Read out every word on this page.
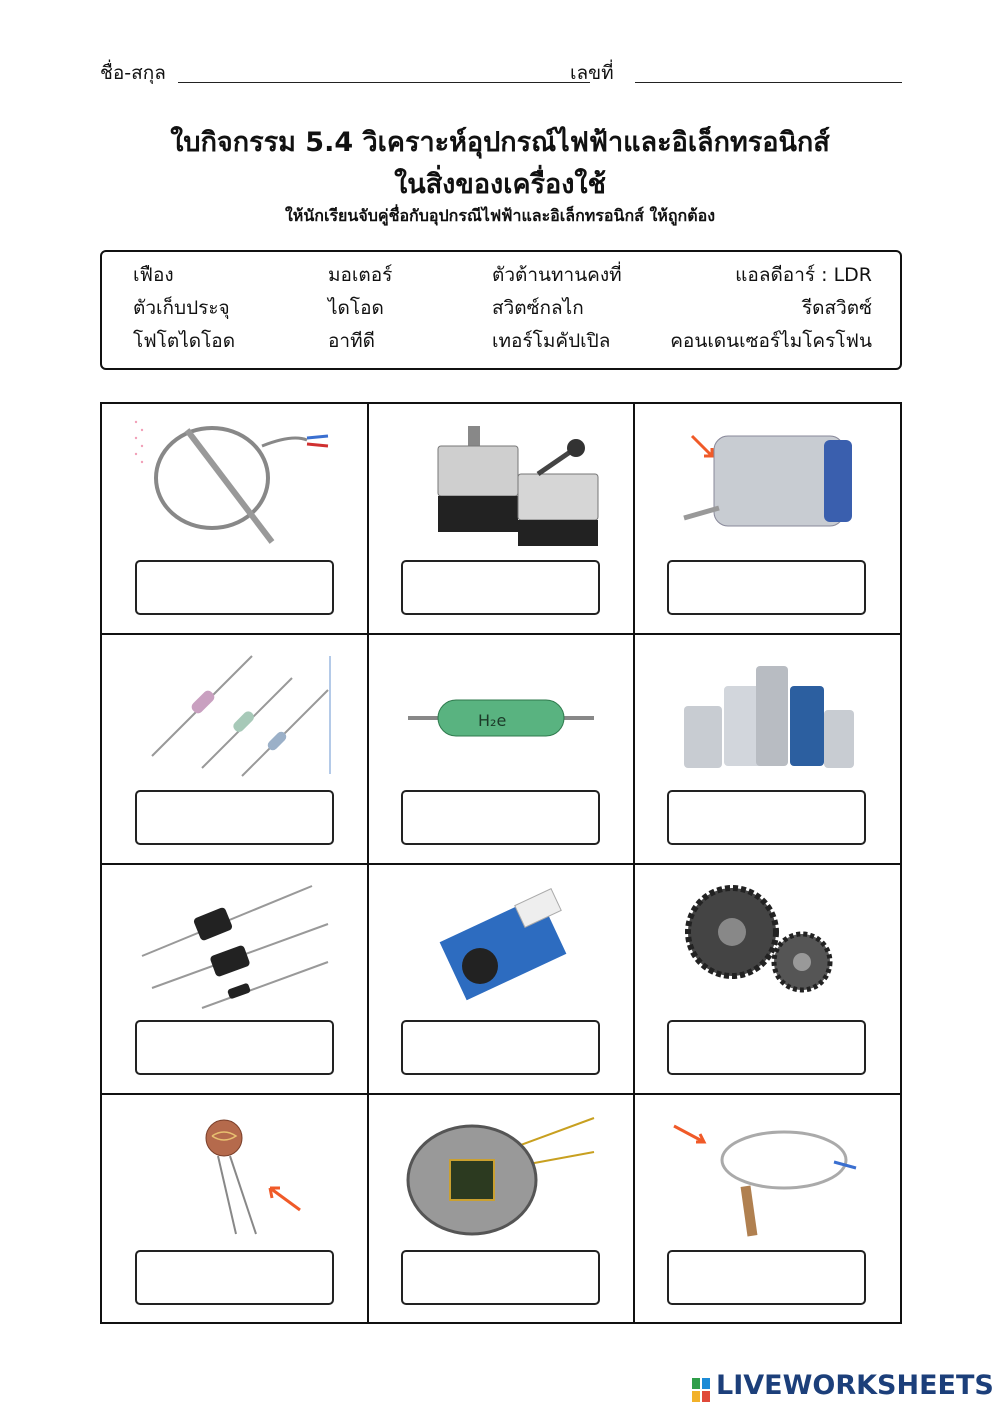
ชื่อ-สกุล	เลขที่
ใบกิจกรรม 5.4 วิเคราะห์อุปกรณ์ไฟฟ้าและอิเล็กทรอนิกส์
ในสิ่งของเครื่องใช้
ให้นักเรียนจับคู่ชื่อกับอุปกรณีไฟฟ้าและอิเล็กทรอนิกส์ ให้ถูกต้อง
เฟือง	มอเตอร์	ตัวต้านทานคงที่	แอลดีอาร์ : LDR
ตัวเก็บประจุ	ไดโอด	สวิตซ์กลไก	รีดสวิตซ์
โฟโตไดโอด	อาทีดี	เทอร์โมคัปเปิล	คอนเดนเซอร์ไมโครโฟน
H₂e
LIVEWORKSHEETS
